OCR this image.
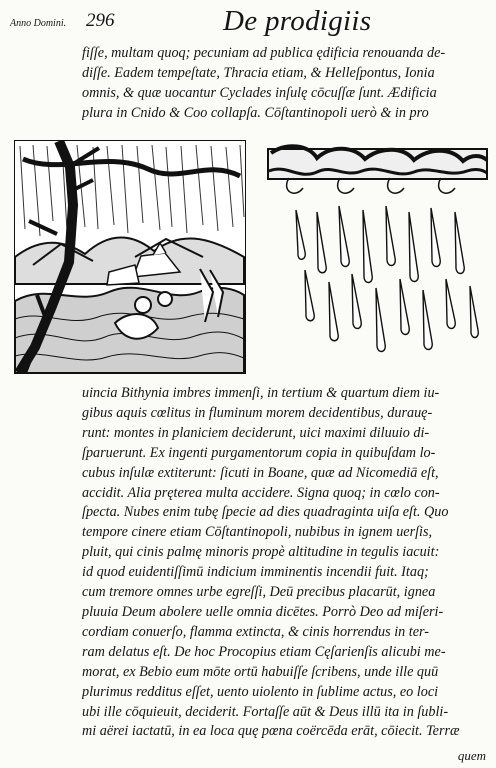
Anno Domini. 296	De prodigiis
fiſſe, multam quoq; pecuniam ad publica ędificia renouanda de-
diſſe. Eadem tempeſtate, Thracia etiam, & Helleſpontus, Ionia
omnis, & quæ uocantur Cyclades inſulę cōcuſſæ ſunt. Ædificia
plura in Cnido & Coo collapſa. Cōſtantinopoli uerò & in pro
uincia Bithynia imbres immenſi, in tertium & quartum diem iu-
gibus aquis cœlitus in fluminum morem decidentibus, durauę-
runt: montes in planiciem deciderunt, uici maximi diluuio di-
ſparuerunt. Ex ingenti purgamentorum copia in quibuſdam lo-
cubus inſulæ extiterunt: ſicuti in Boane, quæ ad Nicomediā eſt,
accidit. Alia pręterea multa accidere. Signa quoq; in cœlo con-
ſpecta. Nubes enim tubę ſpecie ad dies quadraginta uiſa eſt. Quo
tempore cinere etiam Cōſtantinopoli, nubibus in ignem uerſis,
pluit, qui cinis palmę minoris propè altitudine in tegulis iacuit:
id quod euidentiſſimū indicium imminentis incendii fuit. Itaq;
cum tremore omnes urbe egreſſi, Deū precibus placarūt, ignea
pluuia Deum abolere uelle omnia dicētes. Porrò Deo ad miſeri-
cordiam conuerſo, flamma extincta, & cinis horrendus in ter-
ram delatus eſt. De hoc Procopius etiam Cęſarienſis alicubi me-
morat, ex Bebio eum mōte ortū habuiſſe ſcribens, unde ille quū
plurimus redditus eſſet, uento uiolento in ſublime actus, eo loci
ubi ille cōquieuit, deciderit. Fortaſſe aūt & Deus illū ita in ſubli-
mi aërei iactatū, in ea loca quę pœna coërcēda erāt, cōiecit. Terræ
quem
